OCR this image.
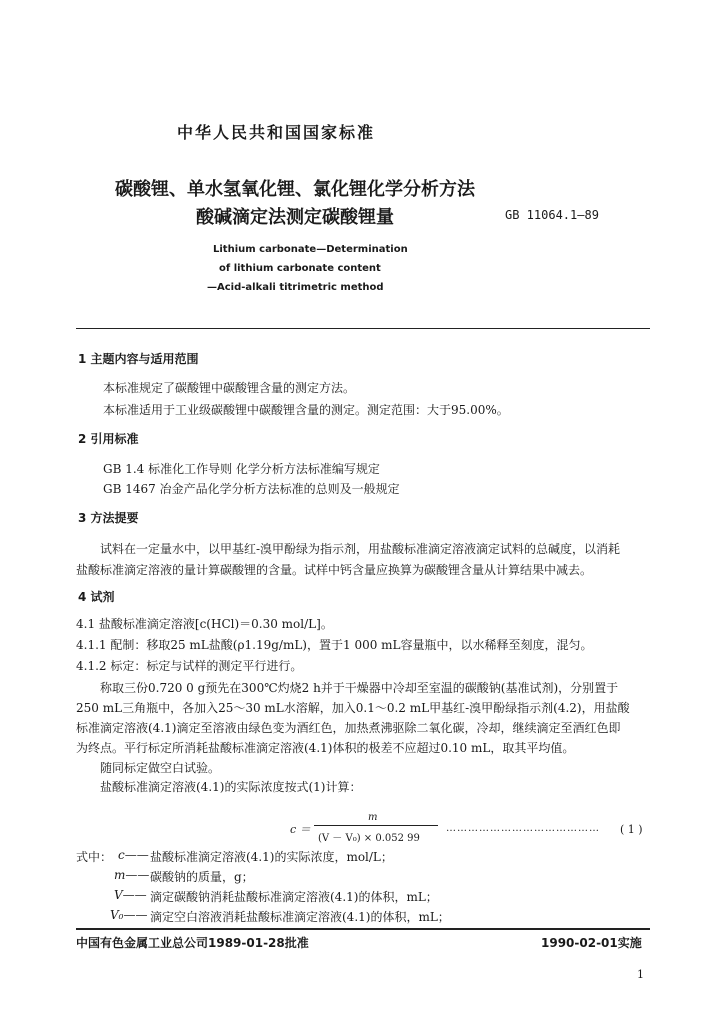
中华人民共和国国家标准
碳酸锂、单水氢氧化锂、氯化锂化学分析方法
酸碱滴定法测定碳酸锂量	GB 11064.1—89
Lithium carbonate—Determination
of lithium carbonate content
—Acid-alkali titrimetric method
1 主题内容与适用范围
本标准规定了碳酸锂中碳酸锂含量的测定方法。
本标准适用于工业级碳酸锂中碳酸锂含量的测定。测定范围：大于95.00%。
2 引用标准
GB 1.4 标准化工作导则 化学分析方法标准编写规定
GB 1467 冶金产品化学分析方法标准的总则及一般规定
3 方法提要
试料在一定量水中，以甲基红-溴甲酚绿为指示剂，用盐酸标准滴定溶液滴定试料的总碱度，以消耗
盐酸标准滴定溶液的量计算碳酸锂的含量。试样中钙含量应换算为碳酸锂含量从计算结果中减去。
4 试剂
4.1 盐酸标准滴定溶液[c(HCl)＝0.30 mol/L]。
4.1.1 配制：移取25 mL盐酸(ρ1.19g/mL)，置于1 000 mL容量瓶中，以水稀释至刻度，混匀。
4.1.2 标定：标定与试样的测定平行进行。
称取三份0.720 0 g预先在300℃灼烧2 h并于干燥器中冷却至室温的碳酸钠(基准试剂)，分别置于
250 mL三角瓶中，各加入25～30 mL水溶解，加入0.1～0.2 mL甲基红-溴甲酚绿指示剂(4.2)，用盐酸
标准滴定溶液(4.1)滴定至溶液由绿色变为酒红色，加热煮沸驱除二氧化碳，冷却，继续滴定至酒红色即
为终点。平行标定所消耗盐酸标准滴定溶液(4.1)体积的极差不应超过0.10 mL，取其平均值。
随同标定做空白试验。
盐酸标准滴定溶液(4.1)的实际浓度按式(1)计算：
c ＝
m
(V － V₀) × 0.052 99
…………………………………… ( 1 )
式中： c—— 盐酸标准滴定溶液(4.1)的实际浓度，mol/L；
m—— 碳酸钠的质量，g；
V—— 滴定碳酸钠消耗盐酸标准滴定溶液(4.1)的体积，mL；
V₀—— 滴定空白溶液消耗盐酸标准滴定溶液(4.1)的体积，mL；
中国有色金属工业总公司1989-01-28批准	1990-02-01实施
1
